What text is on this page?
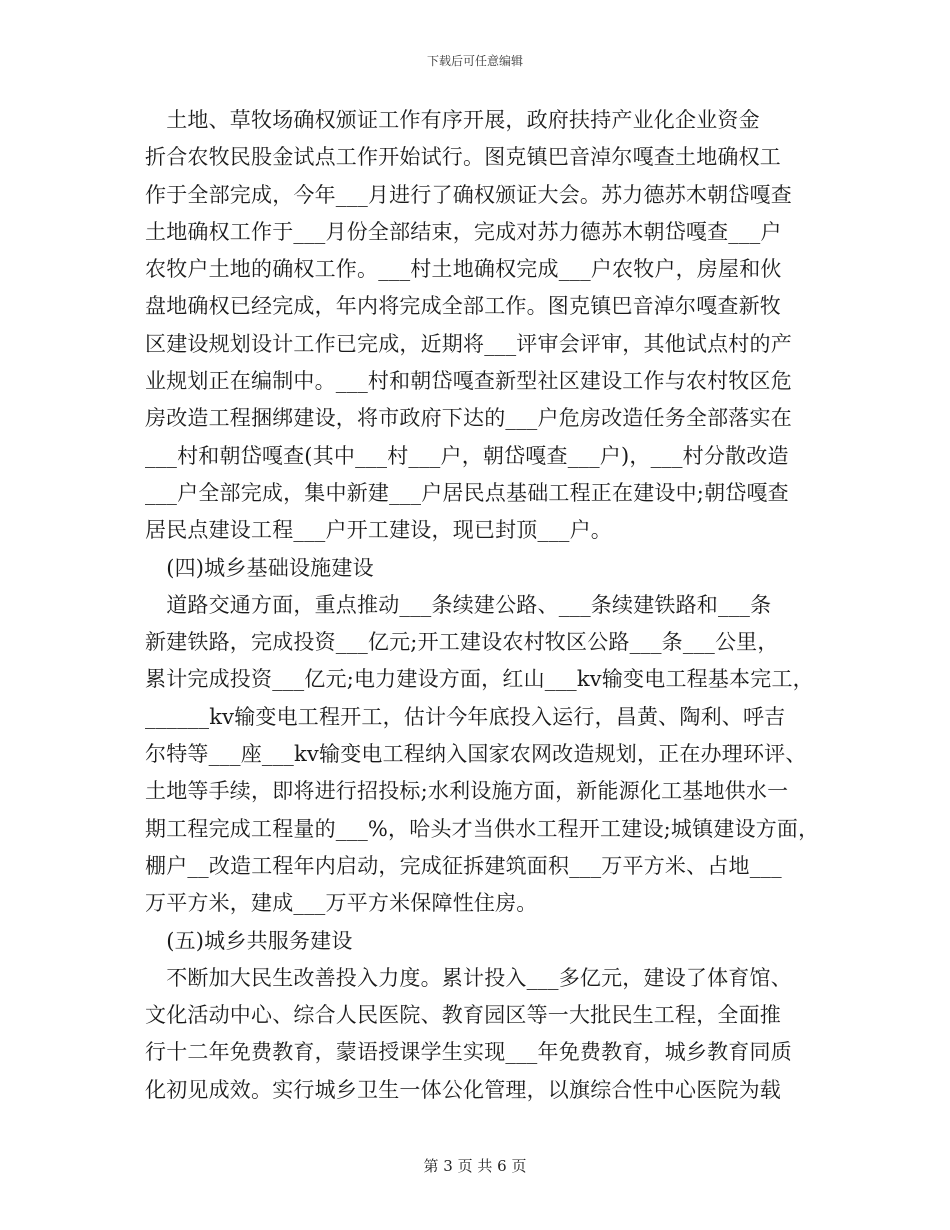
下载后可任意编辑
　土地、草牧场确权颁证工作有序开展，政府扶持产业化企业资金
折合农牧民股金试点工作开始试行。图克镇巴音淖尔嘎查土地确权工
作于全部完成，今年___月进行了确权颁证大会。苏力德苏木朝岱嘎查
土地确权工作于___月份全部结束，完成对苏力德苏木朝岱嘎查___户
农牧户土地的确权工作。___村土地确权完成___户农牧户，房屋和伙
盘地确权已经完成，年内将完成全部工作。图克镇巴音淖尔嘎查新牧
区建设规划设计工作已完成，近期将___评审会评审，其他试点村的产
业规划正在编制中。___村和朝岱嘎查新型社区建设工作与农村牧区危
房改造工程捆绑建设，将市政府下达的___户危房改造任务全部落实在
___村和朝岱嘎查(其中___村___户，朝岱嘎查___户)，___村分散改造
___户全部完成，集中新建___户居民点基础工程正在建设中;朝岱嘎查
居民点建设工程___户开工建设，现已封顶___户。
　(四)城乡基础设施建设
　道路交通方面，重点推动___条续建公路、___条续建铁路和___条
新建铁路，完成投资___亿元;开工建设农村牧区公路___条___公里，
累计完成投资___亿元;电力建设方面，红山___kv输变电工程基本完工，
______kv输变电工程开工，估计今年底投入运行，昌黄、陶利、呼吉
尔特等___座___kv输变电工程纳入国家农网改造规划，正在办理环评、
土地等手续，即将进行招投标;水利设施方面，新能源化工基地供水一
期工程完成工程量的___%，哈头才当供水工程开工建设;城镇建设方面，
棚户__改造工程年内启动，完成征拆建筑面积___万平方米、占地___
万平方米，建成___万平方米保障性住房。
　(五)城乡共服务建设
　不断加大民生改善投入力度。累计投入___多亿元，建设了体育馆、
文化活动中心、综合人民医院、教育园区等一大批民生工程，全面推
行十二年免费教育，蒙语授课学生实现___年免费教育，城乡教育同质
化初见成效。实行城乡卫生一体公化管理，以旗综合性中心医院为载
第 3 页 共 6 页
